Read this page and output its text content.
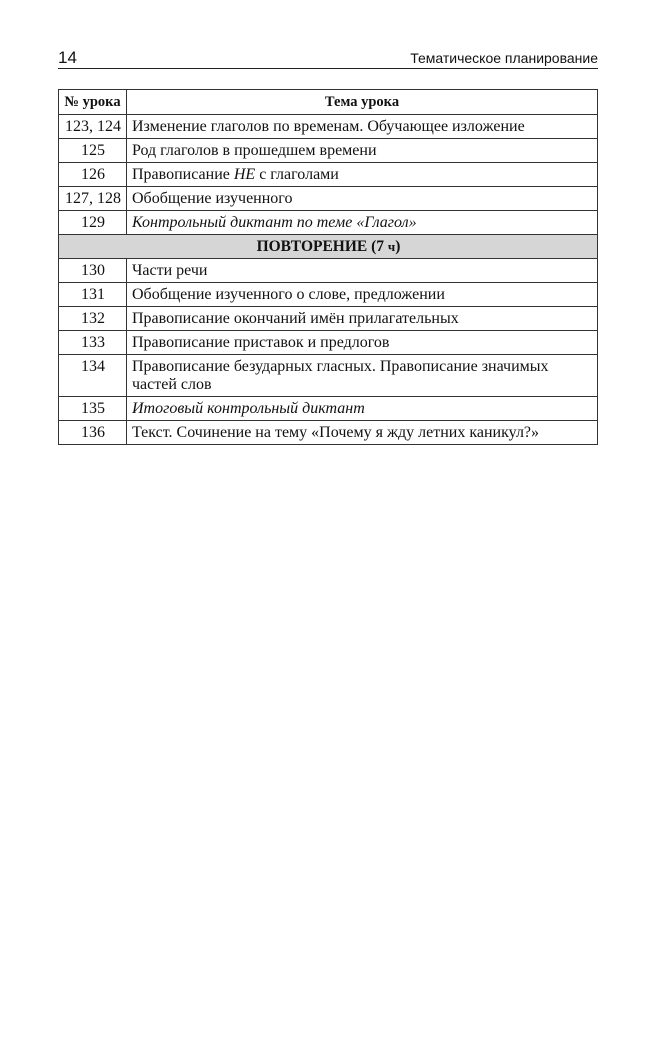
14	Тематическое планирование
№ урока	Тема урока
123, 124	Изменение глаголов по временам. Обучающее изложение
125	Род глаголов в прошедшем времени
126	Правописание НЕ с глаголами
127, 128	Обобщение изученного
129	Контрольный диктант по теме «Глагол»
ПОВТОРЕНИЕ (7 ч)	
130	Части речи
131	Обобщение изученного о слове, предложении
132	Правописание окончаний имён прилагательных
133	Правописание приставок и предлогов
134	Правописание безударных гласных. Правописание значимых частей слов
135	Итоговый контрольный диктант
136	Текст. Сочинение на тему «Почему я жду летних каникул?»
